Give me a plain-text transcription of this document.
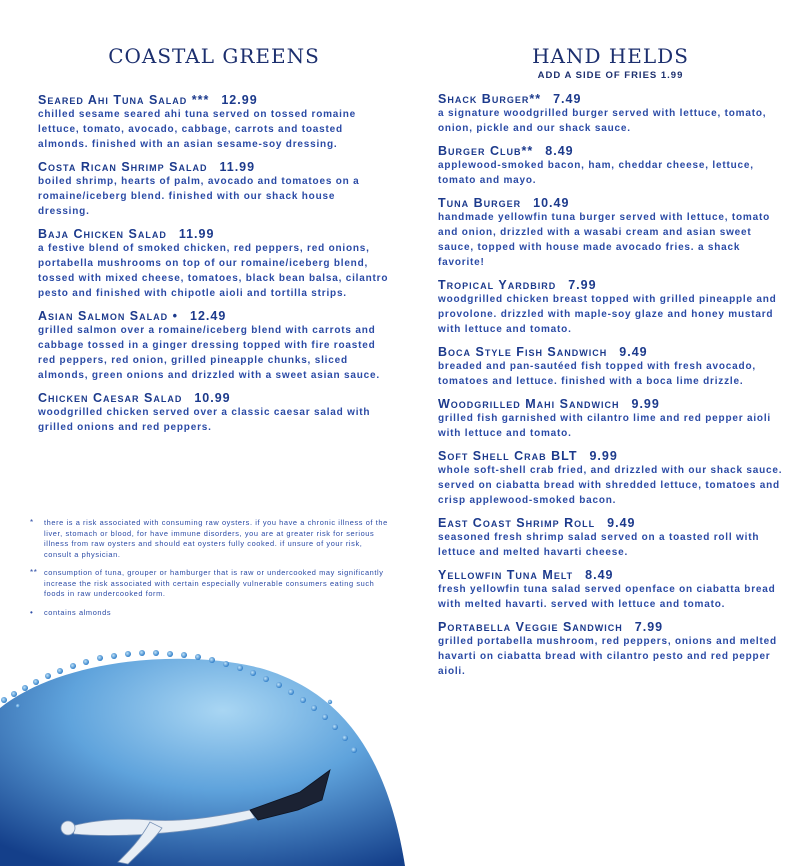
COASTAL GREENS
Seared Ahi Tuna Salad *** 12.99
chilled sesame seared ahi tuna served on tossed romaine lettuce, tomato, avocado, cabbage, carrots and toasted almonds. finished with an asian sesame-soy dressing.
Costa Rican Shrimp Salad 11.99
boiled shrimp, hearts of palm, avocado and tomatoes on a romaine/iceberg blend. finished with our shack house dressing.
Baja Chicken Salad 11.99
a festive blend of smoked chicken, red peppers, red onions, portabella mushrooms on top of our romaine/iceberg blend, tossed with mixed cheese, tomatoes, black bean balsa, cilantro pesto and finished with chipotle aioli and tortilla strips.
Asian Salmon Salad • 12.49
grilled salmon over a romaine/iceberg blend with carrots and cabbage tossed in a ginger dressing topped with fire roasted red peppers, red onion, grilled pineapple chunks, sliced almonds, green onions and drizzled with a sweet asian sauce.
Chicken Caesar Salad 10.99
woodgrilled chicken served over a classic caesar salad with grilled onions and red peppers.
* there is a risk associated with consuming raw oysters. if you have a chronic illness of the liver, stomach or blood, for have immune disorders, you are at greater risk for serious illness from raw oysters and should eat oysters fully cooked. if unsure of your risk, consult a physician.
** consumption of tuna, grouper or hamburger that is raw or undercooked may significantly increase the risk associated with certain especially vulnerable consumers eating such foods in raw undercooked form.
• contains almonds
HAND HELDS
ADD A SIDE OF FRIES 1.99
Shack Burger** 7.49
a signature woodgrilled burger served with lettuce, tomato, onion, pickle and our shack sauce.
Burger Club** 8.49
applewood-smoked bacon, ham, cheddar cheese, lettuce, tomato and mayo.
Tuna Burger 10.49
handmade yellowfin tuna burger served with lettuce, tomato and onion, drizzled with a wasabi cream and asian sweet sauce, topped with house made avocado fries. a shack favorite!
Tropical Yardbird 7.99
woodgrilled chicken breast topped with grilled pineapple and provolone. drizzled with maple-soy glaze and honey mustard with lettuce and tomato.
Boca Style Fish Sandwich 9.49
breaded and pan-sautéed fish topped with fresh avocado, tomatoes and lettuce. finished with a boca lime drizzle.
Woodgrilled Mahi Sandwich 9.99
grilled fish garnished with cilantro lime and red pepper aioli with lettuce and tomato.
Soft Shell Crab BLT 9.99
whole soft-shell crab fried, and drizzled with our shack sauce. served on ciabatta bread with shredded lettuce, tomatoes and crisp applewood-smoked bacon.
East Coast Shrimp Roll 9.49
seasoned fresh shrimp salad served on a toasted roll with lettuce and melted havarti cheese.
Yellowfin Tuna Melt 8.49
fresh yellowfin tuna salad served openface on ciabatta bread with melted havarti. served with lettuce and tomato.
Portabella Veggie Sandwich 7.99
grilled portabella mushroom, red peppers, onions and melted havarti on ciabatta bread with cilantro pesto and red pepper aioli.
